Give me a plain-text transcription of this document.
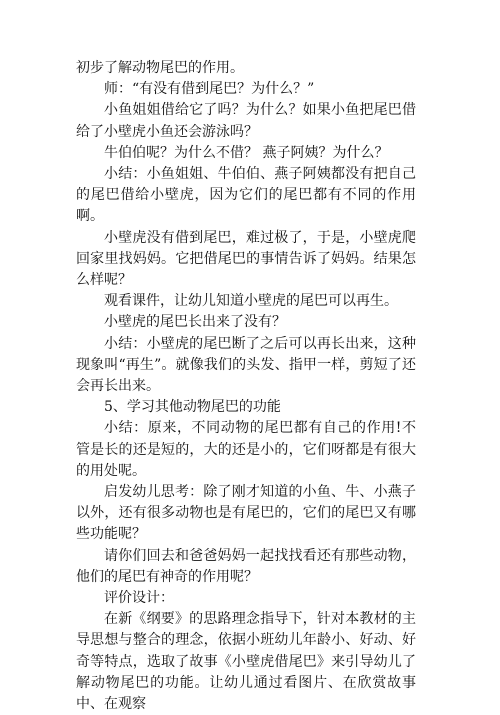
初步了解动物尾巴的作用。

师：“有没有借到尾巴？为什么？”

小鱼姐姐借给它了吗？为什么？如果小鱼把尾巴借给了小壁虎小鱼还会游泳吗？

牛伯伯呢？为什么不借？ 燕子阿姨？为什么？

小结：小鱼姐姐、牛伯伯、燕子阿姨都没有把自己的尾巴借给小壁虎，因为它们的尾巴都有不同的作用啊。

小壁虎没有借到尾巴，难过极了，于是，小壁虎爬回家里找妈妈。它把借尾巴的事情告诉了妈妈。结果怎么样呢？

观看课件，让幼儿知道小壁虎的尾巴可以再生。

小壁虎的尾巴长出来了没有？

小结：小壁虎的尾巴断了之后可以再长出来，这种现象叫“再生”。就像我们的头发、指甲一样，剪短了还会再长出来。

5、学习其他动物尾巴的功能

小结：原来，不同动物的尾巴都有自己的作用!不管是长的还是短的，大的还是小的，它们呀都是有很大的用处呢。

启发幼儿思考：除了刚才知道的小鱼、牛、小燕子以外，还有很多动物也是有尾巴的，它们的尾巴又有哪些功能呢？

请你们回去和爸爸妈妈一起找找看还有那些动物，他们的尾巴有神奇的作用呢？

评价设计：

在新《纲要》的思路理念指导下，针对本教材的主导思想与整合的理念，依据小班幼儿年龄小、好动、好奇等特点，选取了故事《小壁虎借尾巴》来引导幼儿了解动物尾巴的功能。让幼儿通过看图片、在欣赏故事中、在观察
